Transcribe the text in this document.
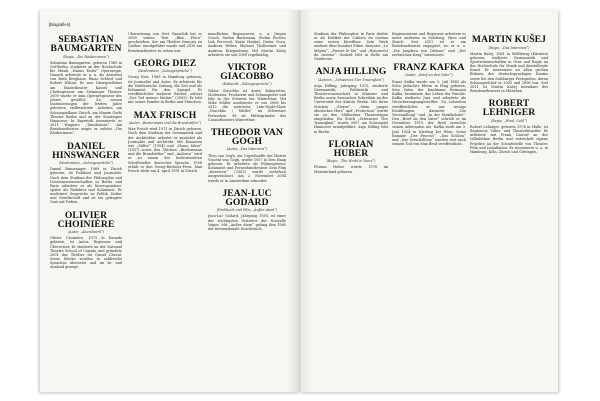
[Biografien]
SEBASTIAN BAUMGARTEN
(Regie, „Die Räuberinnen“)
Sebastian Baumgarten, geboren 1969 in Ost-Berlin, studierte an der Hochschule für Musik „Hanns Eisler“ Opernregie. Danach arbeitete er u. a. als Assistent von Ruth Berghaus, Einar Schleef und Robert Wilson. Er war Oberspielleiter am Staatstheater Kassel und Chefregisseur am Meininger Theater. 2009 wurde er zum Opernregisseur des Jahres gewählt. Zu seinen Inszenierungen der letzten Jahre gehörten vielbeachtete Arbeiten am Schauspielhaus Zürich, am Maxim Gorki Theater Berlin und an der Staatsoper Hannover. In Bayreuth inszenierte er 2011 Wagners „Tannhäuser“. Am Residenztheater zeigte er zuletzt „Die Räuberinnen“.
DANIEL HINSWANGER
(Moderation, „Salongespräche“)
Daniel Binswanger, 1969 in Zürich geboren, ist Publizist und Journalist. Nach dem Studium der Philosophie und Literaturwissenschaften in Berlin und Paris arbeitete er als Korrespondent, später als Redaktor und Kolumnist. Er moderiert Gespräche zu Politik, Kultur und Gesellschaft und ist ein gefragter Gast auf Podien.
OLIVIER CHOINIÈRE
(Autor, „Abendwerk“)
Olivier Choinière, 1973 in Kanada geboren, ist Autor, Regisseur und Übersetzer. Er studierte an der National Theatre School of Canada und gründete 2001 das Théâtre du Grand Cheval. Seine Stücke wurden in zahlreiche Sprachen übersetzt und im In- und Ausland gezeigt.
Übersetzung von Gert Ganschik hat er 2009 seinen Text „Blue Pièce“ geschrieben, der am Théâtre français zu Québec uraufgeführt wurde und 2010 am Residenztheater zu sehen war.
GEORG DIEZ
(Moderation, „Salongespräche“)
Georg Diez, 1969 in Hamburg geboren, ist Journalist und Autor. Er arbeitete für die Süddeutsche Zeitung, die Zeit und als Kolumnist für den Spiegel. Er veröffentlichte mehrere Bücher, zuletzt „Der Tod meiner Mutter“ (2009). Er lebt mit seiner Familie in Berlin und München.
MAX FRISCH
(Autor, „Biedermann und die Brandstifter“)
Max Frisch wird 1911 in Zürich geboren. Nach dem Studium der Germanistik und der Architektur arbeitet er zunächst als Journalist und Architekt. Mit Romanen wie „Stiller“ (1954) und „Homo faber“ (1957) sowie den Stücken „Biedermann und die Brandstifter“ und „Andorra“ wird er zu einem der bedeutendsten Schriftsteller deutscher Sprache. 1958 erhält er den Georg-Büchner-Preis. Max Frisch stirbt am 4. April 1991 in Zürich.
mandlichen Regisseuren, u. a. Jürgen Gosch, Stefan Bachmann, Stefan Pucher, Luk Perceval, Karin Henkel, Dieter Dorn, Andreas Weber, Michael Thalheimer und Andreas Kriegenburg. Mit Martin Kušej arbeitete sie seit 2009 regelmäßig.
VIKTOR GIACOBBO
(Kabarett, „Salongespräche“)
Viktor Giacobbo ist Autor, Kabarettist, Moderator, Produzent und Schauspieler und lebt in der Schweiz bei Winterthur. Mit Mike Müller moderierte er von 2008 bis 2012 die satirische Late-Night-Show „Giacobbo / Müller“ im Schweizer Fernsehen. Er ist Mitbegründer des Casinotheaters Winterthur.
THEODOR VAN GOGH
(Autor, „Das Interview“)
Theo van Gogh, ein Urgroßneffe des Malers Vincent van Gogh, wurde 1957 in Den Haag geboren. Er arbeitete als Filmregisseur, Kolumnist und Fernsehmoderator. Sein Film „Interview“ (2003) wurde mehrfach ausgezeichnet. Am 2. November 2004 wurde er in Amsterdam ermordet.
JEAN-LUC GODARD
(Drehbuch und Film, „Außer Atem“)
Jean-Luc Godard, Jahrgang 1930, ist einer der wichtigsten Vertreter der Nouvelle Vague. Mit „Außer Atem“ gelang ihm 1960 der internationale Durchbruch.
Studium der Philosophie in Paris drehte er als Kritiker der Cahiers du cinéma seine ersten Kurzfilme. Sein Werk umfasst über hundert Filme, darunter „Le Mépris“, „Pierrot le fou“ und „Histoire(s) du cinéma“. Godard lebt in Rolle am Genfersee.
ANJA HILLING
(Autorin, „Schwarzes Tier Traurigkeit“)
Anja Hilling, Jahrgang 1975, studierte Germanistik, Publizistik und Theaterwissenschaft in Münster und Berlin sowie Szenisches Schreiben an der Universität der Künste Berlin. Mit ihren Stücken „Sterne“, „Mein junges idiotisches Herz“ und „Protection“ wurde sie zu den Mülheimer Theatertagen eingeladen. Ihr Stück „Schwarzes Tier Traurigkeit“ wurde 2007 am Schauspiel Hannover uraufgeführt. Anja Hilling lebt in Berlin.
FLORIAN HUBER
(Regie, „The World is Yours“)
Florian Huber wurde 1978 im Münsterland geboren.
Regieassistent und Regisseur arbeitete er unter anderem in Salzburg, Wien und Zürich. Seit 2011 ist er am Residenztheater engagiert, wo er u. a. „Die Jungfrau von Orléans“ und „Der zerbrochne Krug“ inszenierte.
FRANZ KAFKA
(Autor, „Brief an den Vater“)
Franz Kafka wurde am 3. Juli 1883 als Sohn jüdischer Eltern in Prag geboren. Sein Vater, der Kaufmann Hermann Kafka, bestimmte das Leben der Familie. Kafka studierte Jura und arbeitete als Versicherungsangestellter. Zu Lebzeiten veröffentlichte er nur wenige Erzählungen, darunter „Die Verwandlung“ und „In der Strafkolonie“. Den „Brief an den Vater“ schrieb er im November 1919, der Brief erreichte seinen Adressaten nie. Kafka starb am 3. Juni 1924 in Kierling bei Wien. Seine Romane „Der Process“, „Das Schloss“ und „Der Verschollene“ wurden erst nach seinem Tod von Max Brod veröffentlicht.
MARTIN KUŠEJ
(Regie, „Das Interview“)
Martin Kušej, 1961 in Wolfsberg (Kärnten) geboren, studierte Germanistik und Sportwissenschaften in Graz und Regie an der Hochschule für Musik und darstellende Kunst. Er inszenierte an allen großen Bühnen des deutschsprachigen Raums sowie bei den Salzburger Festspielen, deren Schauspielchef er 2005 und 2006 war. Seit 2011 ist Martin Kušej Intendant des Residenztheaters in München.
ROBERT LEHNIGER
(Regie, „Wind, Gold“)
Robert Lehniger, geboren 1974 in Halle, ist Regisseur, Video- und Theaterkünstler. Er arbeitete mit Frank Castorf an der Volksbühne Berlin und entwickelt eigene Projekte an der Schnittstelle von Theater, Film und Installation. Er inszenierte u. a. in Hamburg, Köln, Zürich und Göttingen.
